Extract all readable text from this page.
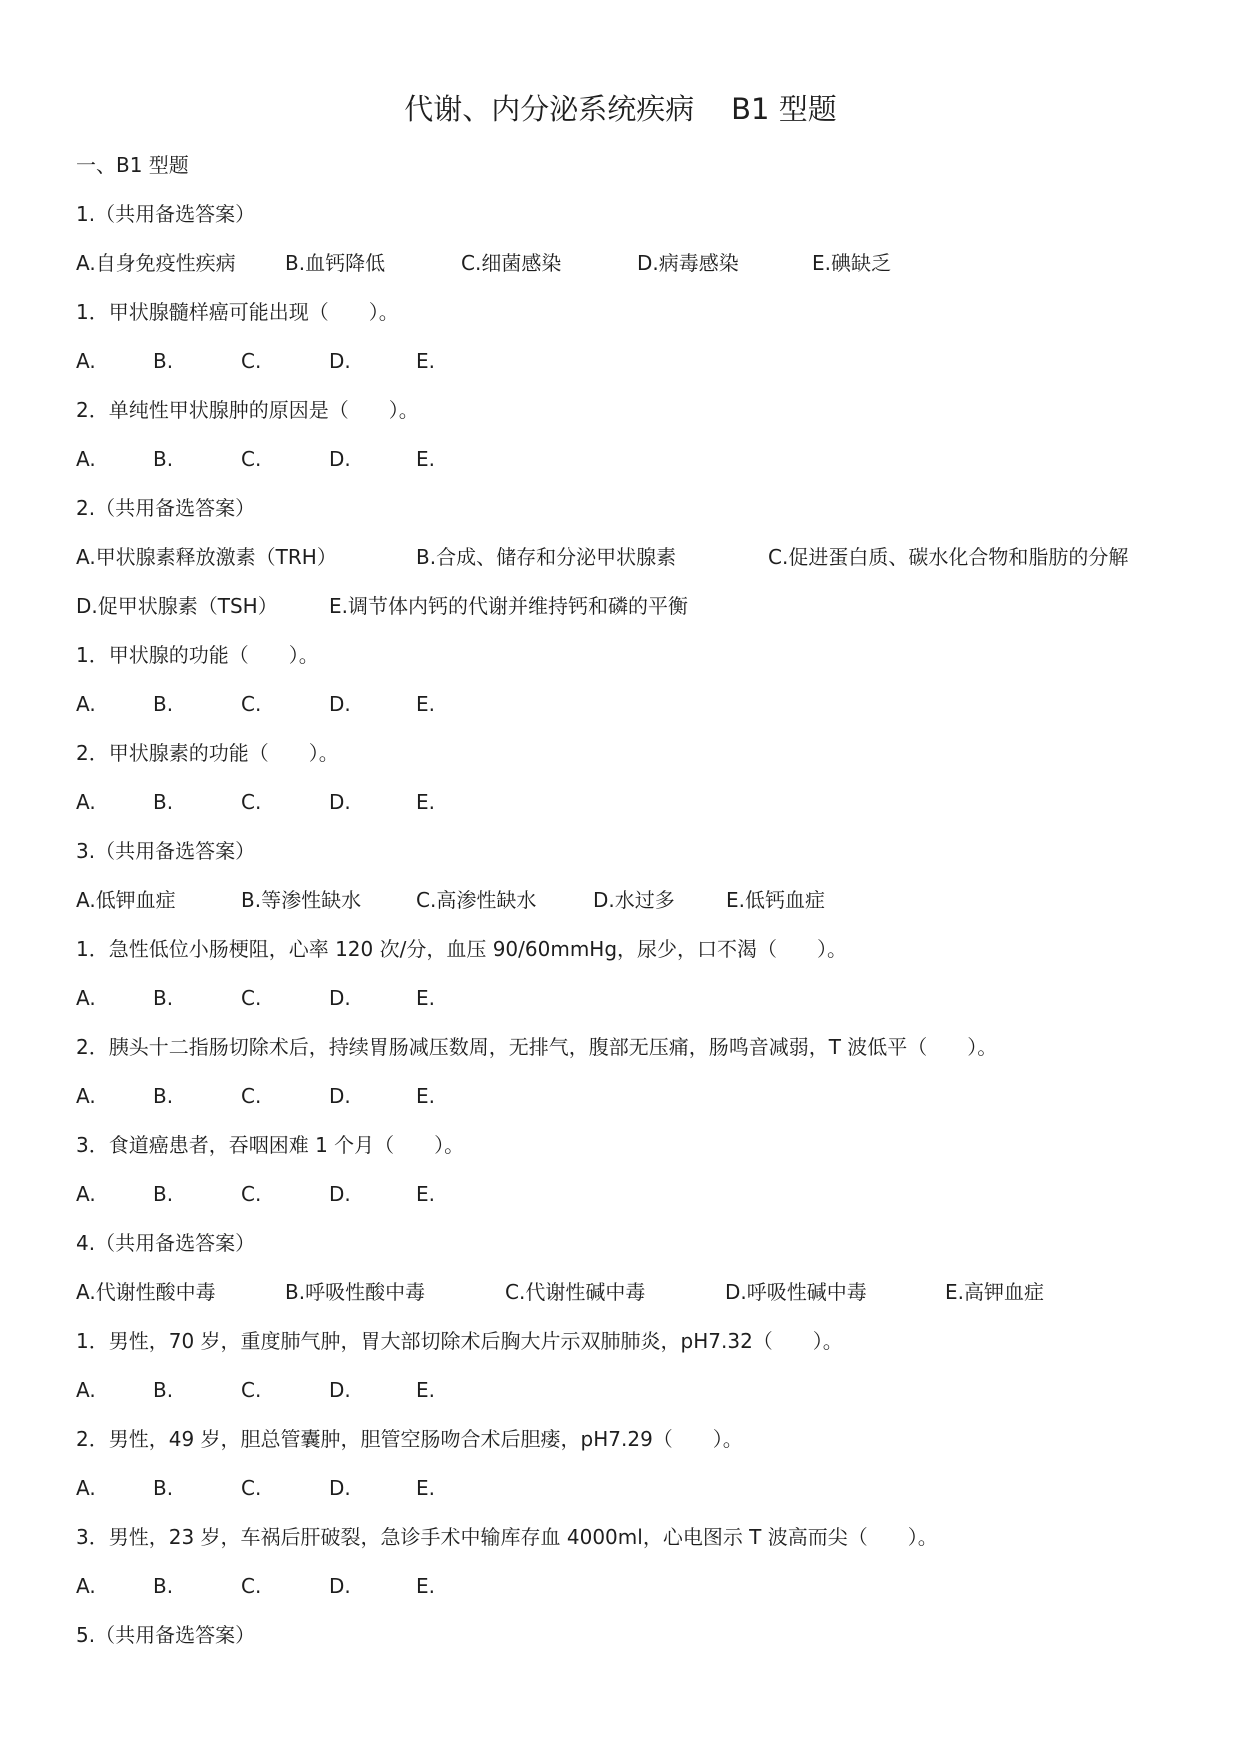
代谢、内分泌系统疾病    B1 型题
一、B1 型题
1.（共用备选答案）
A.自身免疫性疾病 B.血钙降低	C.细菌感染	D.病毒感染	E.碘缺乏
1．甲状腺髓样癌可能出现（　　）。
A.	B.	C.	D.	E.
2．单纯性甲状腺肿的原因是（　　）。
A.	B.	C.	D.	E.
2.（共用备选答案）
A.甲状腺素释放激素（TRH）	B.合成、储存和分泌甲状腺素	C.促进蛋白质、碳水化合物和脂肪的分解
D.促甲状腺素（TSH）	E.调节体内钙的代谢并维持钙和磷的平衡
1．甲状腺的功能（　　）。
A.	B.	C.	D.	E.
2．甲状腺素的功能（　　）。
A.	B.	C.	D.	E.
3.（共用备选答案）
A.低钾血症	B.等渗性缺水	C.高渗性缺水	D.水过多	E.低钙血症
1．急性低位小肠梗阻，心率 120 次/分，血压 90/60mmHg，尿少，口不渴（　　）。
A.	B.	C.	D.	E.
2．胰头十二指肠切除术后，持续胃肠减压数周，无排气，腹部无压痛，肠鸣音减弱，T 波低平（　　）。
A.	B.	C.	D.	E.
3．食道癌患者，吞咽困难 1 个月（　　）。
A.	B.	C.	D.	E.
4.（共用备选答案）
A.代谢性酸中毒	B.呼吸性酸中毒	C.代谢性碱中毒	D.呼吸性碱中毒	E.高钾血症
1．男性，70 岁，重度肺气肿，胃大部切除术后胸大片示双肺肺炎，pH7.32（　　）。
A.	B.	C.	D.	E.
2．男性，49 岁，胆总管囊肿，胆管空肠吻合术后胆瘘，pH7.29（　　）。
A.	B.	C.	D.	E.
3．男性，23 岁，车祸后肝破裂，急诊手术中输库存血 4000ml，心电图示 T 波高而尖（　　）。
A.	B.	C.	D.	E.
5.（共用备选答案）
